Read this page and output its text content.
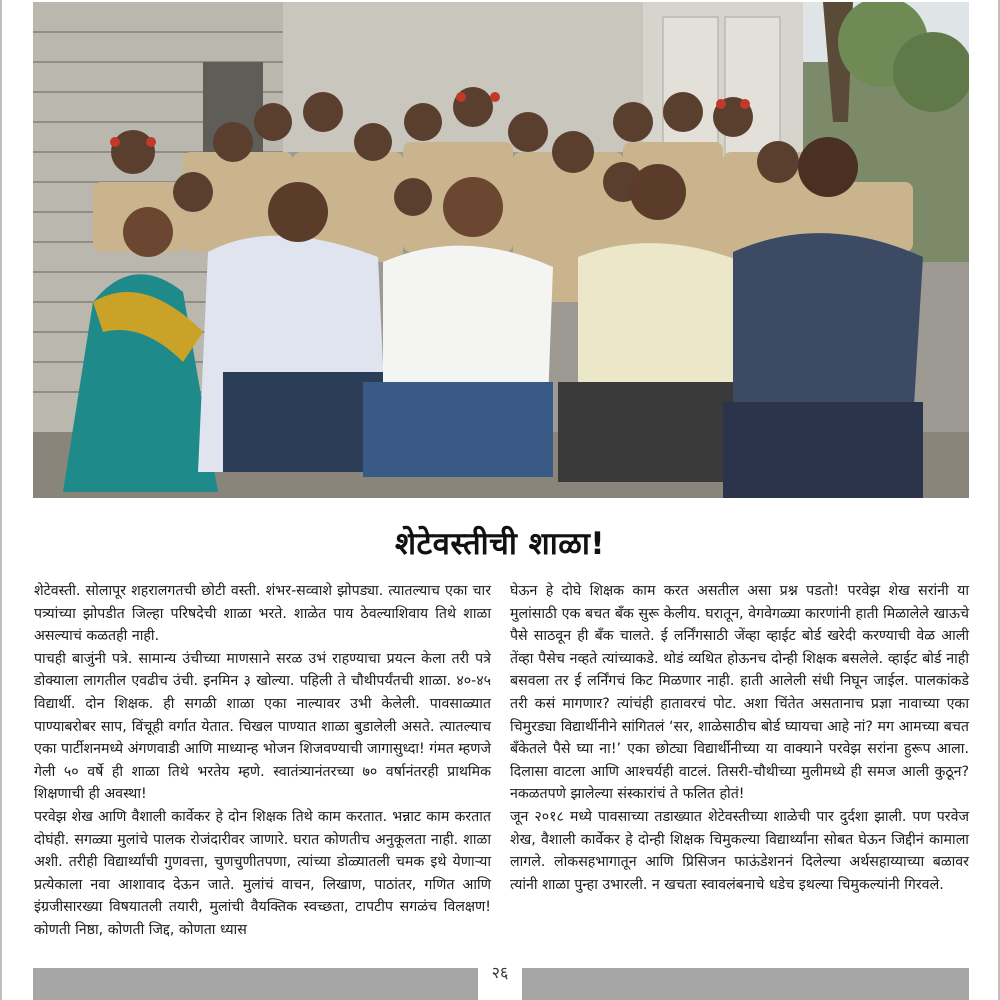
शेटेवस्तीची शाळा!

शेटेवस्ती. सोलापूर शहरालगतची छोटी वस्ती. शंभर-सव्वाशे झोपड्या. त्यातल्याच एका चार पत्र्यांच्या झोपडीत जिल्हा परिषदेची शाळा भरते. शाळेत पाय ठेवल्याशिवाय तिथे शाळा असल्याचं कळतही नाही.

पाचही बाजुंनी पत्रे. सामान्य उंचीच्या माणसाने सरळ उभं राहण्याचा प्रयत्न केला तरी पत्रे डोक्याला लागतील एवढीच उंची. इनमिन ३ खोल्या. पहिली ते चौथीपर्यंतची शाळा. ४०-४५ विद्यार्थी. दोन शिक्षक. ही सगळी शाळा एका नाल्यावर उभी केलेली. पावसाळ्यात पाण्याबरोबर साप, विंचूही वर्गात येतात. चिखल पाण्यात शाळा बुडालेली असते. त्यातल्याच एका पार्टीशनमध्ये अंगणवाडी आणि माध्यान्ह भोजन शिजवण्याची जागासुध्दा! गंमत म्हणजे गेली ५० वर्षे ही शाळा तिथे भरतेय म्हणे. स्वातंत्र्यानंतरच्या ७० वर्षानंतरही प्राथमिक शिक्षणाची ही अवस्था!

परवेझ शेख आणि वैशाली कार्वेकर हे दोन शिक्षक तिथे काम करतात. भन्नाट काम करतात दोघंही. सगळ्या मुलांचे पालक रोजंदारीवर जाणारे. घरात कोणतीच अनुकूलता नाही. शाळा अशी. तरीही विद्यार्थ्यांची गुणवत्ता, चुणचुणीतपणा, त्यांच्या डोळ्यातली चमक इथे येणाऱ्या प्रत्येकाला नवा आशावाद देऊन जाते. मुलांचं वाचन, लिखाण, पाठांतर, गणित आणि इंग्रजीसारख्या विषयातली तयारी, मुलांची वैयक्तिक स्वच्छता, टापटीप सगळंच विलक्षण! कोणती निष्ठा, कोणती जिद्द, कोणता ध्यास

घेऊन हे दोघे शिक्षक काम करत असतील असा प्रश्न पडतो! परवेझ शेख सरांनी या मुलांसाठी एक बचत बँक सुरू केलीय. घरातून, वेगवेगळ्या कारणांनी हाती मिळालेले खाऊचे पैसे साठवून ही बँक चालते. ई लर्निंगसाठी जेंव्हा व्हाईट बोर्ड खरेदी करण्याची वेळ आली तेंव्हा पैसेच नव्हते त्यांच्याकडे. थोडं व्यथित होऊनच दोन्ही शिक्षक बसलेले. व्हाईट बोर्ड नाही बसवला तर ई लर्निंगचं किट मिळणार नाही. हाती आलेली संधी निघून जाईल. पालकांकडे तरी कसं मागणार? त्यांचंही हातावरचं पोट. अशा चिंतेत असतानाच प्रज्ञा नावाच्या एका चिमुरड्या विद्यार्थीनीने सांगितलं ‘सर, शाळेसाठीच बोर्ड घ्यायचा आहे नां? मग आमच्या बचत बँकेतले पैसे घ्या ना!’ एका छोट्या विद्यार्थीनीच्या या वाक्याने परवेझ सरांना हुरूप आला. दिलासा वाटला आणि आश्चर्यही वाटलं. तिसरी-चौथीच्या मुलीमध्ये ही समज आली कुठून? नकळतपणे झालेल्या संस्कारांचं ते फलित होतं!

जून २०१८ मध्ये पावसाच्या तडाख्यात शेटेवस्तीच्या शाळेची पार दुर्दशा झाली. पण परवेज शेख, वैशाली कार्वेकर हे दोन्ही शिक्षक चिमुकल्या विद्यार्थ्यांना सोबत घेऊन जिद्दीनं कामाला लागले. लोकसहभागातून आणि प्रिसिजन फाऊंडेशननं दिलेल्या अर्थसहाय्याच्या बळावर त्यांनी शाळा पुन्हा उभारली. न खचता स्वावलंबनाचे धडेच इथल्या चिमुकल्यांनी गिरवले.

२६
